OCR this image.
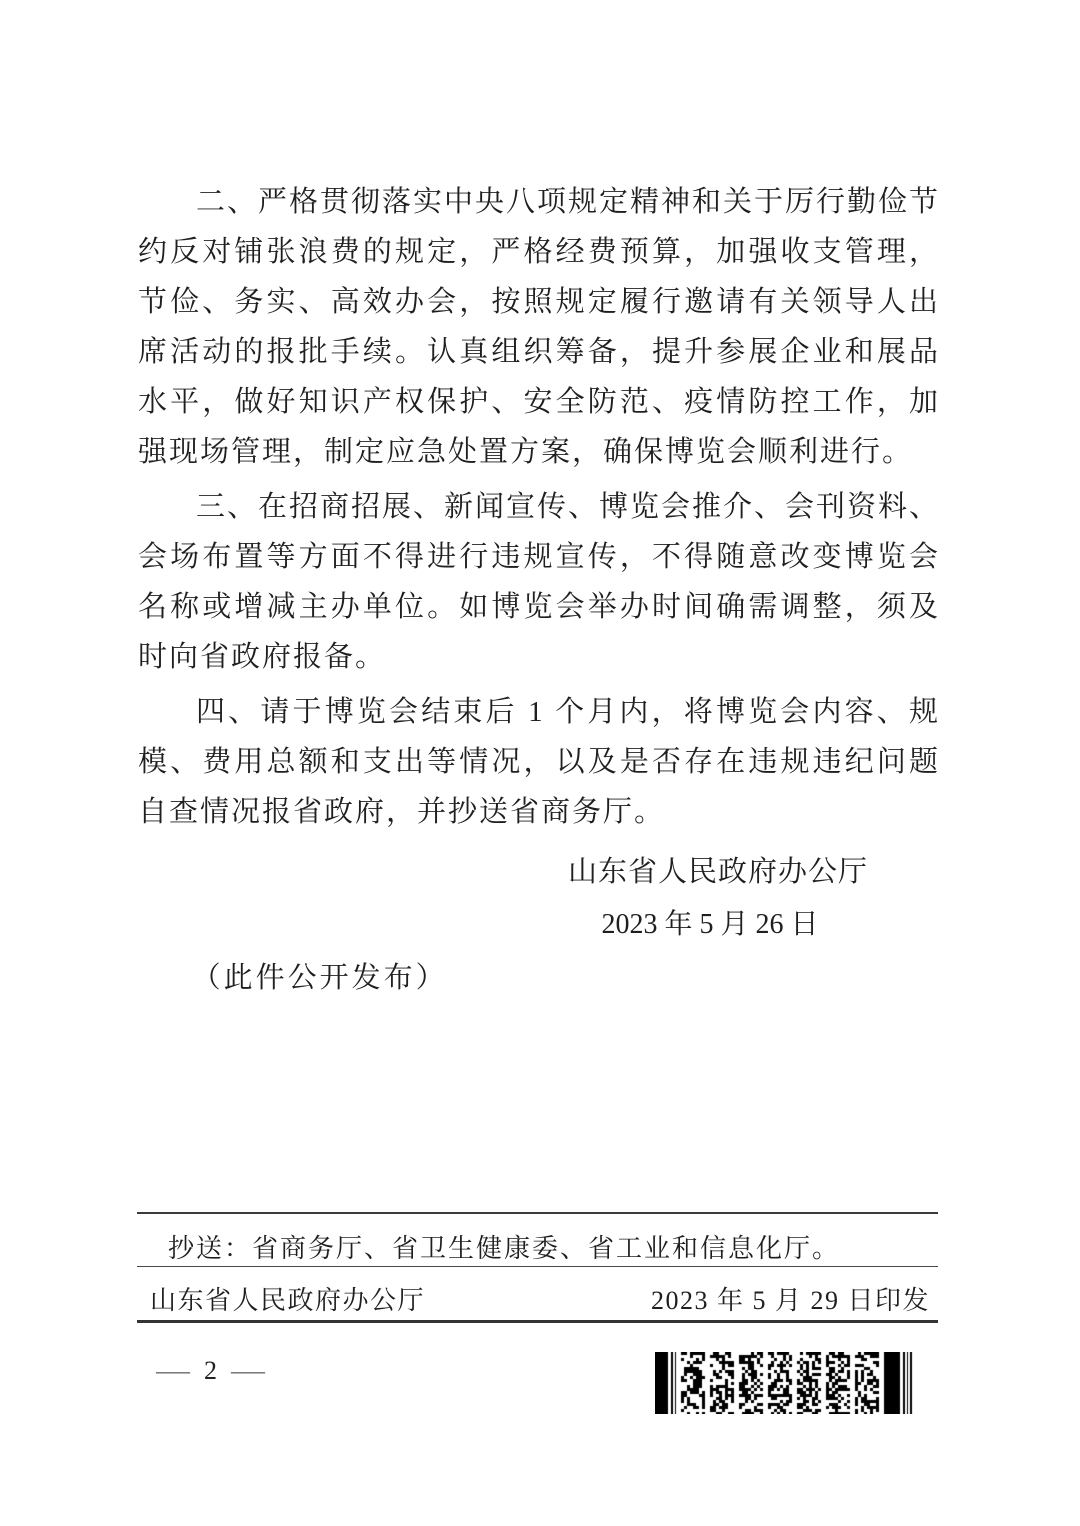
二、严格贯彻落实中央八项规定精神和关于厉行勤俭节约反对铺张浪费的规定，严格经费预算，加强收支管理，节俭、务实、高效办会，按照规定履行邀请有关领导人出席活动的报批手续。认真组织筹备，提升参展企业和展品水平，做好知识产权保护、安全防范、疫情防控工作，加强现场管理，制定应急处置方案，确保博览会顺利进行。

三、在招商招展、新闻宣传、博览会推介、会刊资料、会场布置等方面不得进行违规宣传，不得随意改变博览会名称或增减主办单位。如博览会举办时间确需调整，须及时向省政府报备。

四、请于博览会结束后 1 个月内，将博览会内容、规模、费用总额和支出等情况，以及是否存在违规违纪问题自查情况报省政府，并抄送省商务厅。

山东省人民政府办公厅
2023 年 5 月 26 日
（此件公开发布）
抄送：省商务厅、省卫生健康委、省工业和信息化厅。
山东省人民政府办公厅	2023 年 5 月 29 日印发
— 2 —
